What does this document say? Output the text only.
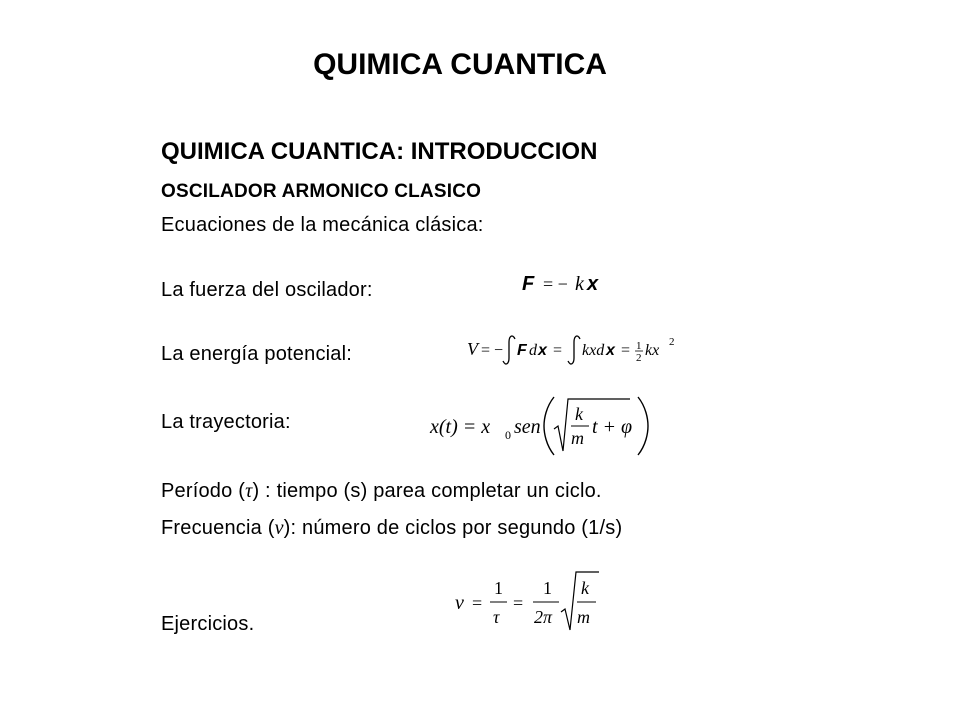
QUIMICA CUANTICA
QUIMICA CUANTICA: INTRODUCCION
OSCILADOR ARMONICO CLASICO
Ecuaciones de la mecánica clásica:
La fuerza del oscilador:
La energía potencial:
La trayectoria:
Período (τ) : tiempo (s) parea completar un ciclo.
Frecuencia (ν): número de ciclos por segundo (1/s)
Ejercicios.
F = − k x
V = − F d x = kxd x = 1
2 kx 2
x(t) = x 0 sen
k
m t + φ
ν =
1
τ
=
1
2π
k
m
